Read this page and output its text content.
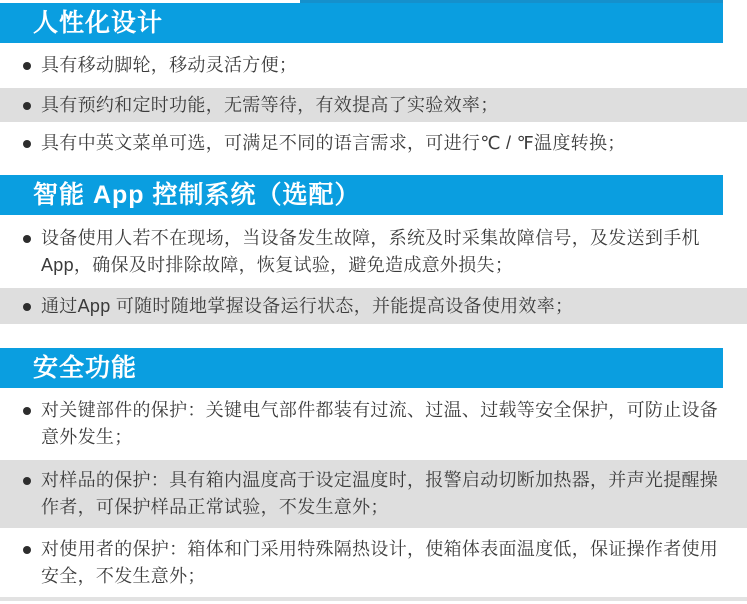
人性化设计

具有移动脚轮，移动灵活方便；

具有预约和定时功能，无需等待，有效提高了实验效率；

具有中英文菜单可选，可满足不同的语言需求，可进行℃ / ℉温度转换；

智能 App 控制系统（选配）

设备使用人若不在现场，当设备发生故障，系统及时采集故障信号，及发送到手机 App，确保及时排除故障，恢复试验，避免造成意外损失；

通过App 可随时随地掌握设备运行状态，并能提高设备使用效率；

安全功能

对关键部件的保护：关键电气部件都装有过流、过温、过载等安全保护，可防止设备意外发生；

对样品的保护：具有箱内温度高于设定温度时，报警启动切断加热器，并声光提醒操作者，可保护样品正常试验，不发生意外；

对使用者的保护：箱体和门采用特殊隔热设计，使箱体表面温度低，保证操作者使用安全，不发生意外；
